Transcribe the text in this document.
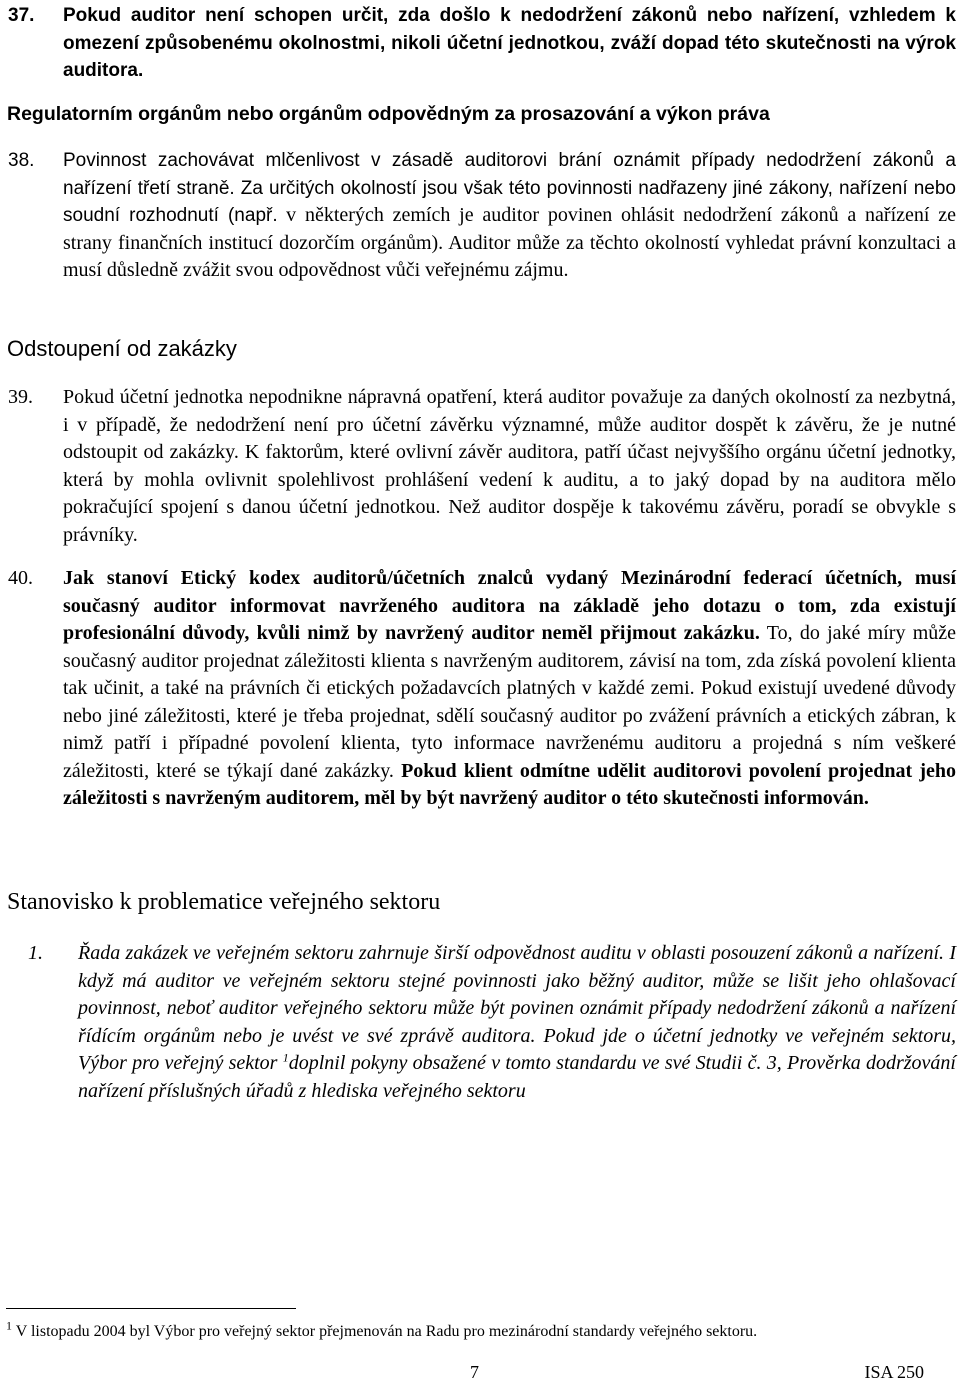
37. Pokud auditor není schopen určit, zda došlo k nedodržení zákonů nebo nařízení, vzhledem k omezení způsobenému okolnostmi, nikoli účetní jednotkou, zváží dopad této skutečnosti na výrok auditora.
Regulatorním orgánům nebo orgánům odpovědným za prosazování a výkon práva
38. Povinnost zachovávat mlčenlivost v zásadě auditorovi brání oznámit případy nedodržení zákonů a nařízení třetí straně. Za určitých okolností jsou však této povinnosti nadřazeny jiné zákony, nařízení nebo soudní rozhodnutí (např. v některých zemích je auditor povinen ohlásit nedodržení zákonů a nařízení ze strany finančních institucí dozorčím orgánům). Auditor může za těchto okolností vyhledat právní konzultaci a musí důsledně zvážit svou odpovědnost vůči veřejnému zájmu.
Odstoupení od zakázky
39. Pokud účetní jednotka nepodnikne nápravná opatření, která auditor považuje za daných okolností za nezbytná, i v případě, že nedodržení není pro účetní závěrku významné, může auditor dospět k závěru, že je nutné odstoupit od zakázky. K faktorům, které ovlivní závěr auditora, patří účast nejvyššího orgánu účetní jednotky, která by mohla ovlivnit spolehlivost prohlášení vedení k auditu, a to jaký dopad by na auditora mělo pokračující spojení s danou účetní jednotkou. Než auditor dospěje k takovému závěru, poradí se obvykle s právníky.
40. Jak stanoví Etický kodex auditorů/účetních znalců vydaný Mezinárodní federací účetních, musí současný auditor informovat navrženého auditora na základě jeho dotazu o tom, zda existují profesionální důvody, kvůli nimž by navržený auditor neměl přijmout zakázku. To, do jaké míry může současný auditor projednat záležitosti klienta s navrženým auditorem, závisí na tom, zda získá povolení klienta tak učinit, a také na právních či etických požadavcích platných v každé zemi. Pokud existují uvedené důvody nebo jiné záležitosti, které je třeba projednat, sdělí současný auditor po zvážení právních a etických zábran, k nimž patří i případné povolení klienta, tyto informace navrženému auditoru a projedná s ním veškeré záležitosti, které se týkají dané zakázky. Pokud klient odmítne udělit auditorovi povolení projednat jeho záležitosti s navrženým auditorem, měl by být navržený auditor o této skutečnosti informován.
Stanovisko k problematice veřejného sektoru
1. Řada zakázek ve veřejném sektoru zahrnuje širší odpovědnost auditu v oblasti posouzení zákonů a nařízení. I když má auditor ve veřejném sektoru stejné povinnosti jako běžný auditor, může se lišit jeho ohlašovací povinnost, neboť auditor veřejného sektoru může být povinen oznámit případy nedodržení zákonů a nařízení řídícím orgánům nebo je uvést ve své zprávě auditora. Pokud jde o účetní jednotky ve veřejném sektoru, Výbor pro veřejný sektor $^1$doplnil pokyny obsažené v tomto standardu ve své Studii č. 3, Prověrka dodržování nařízení příslušných úřadů z hlediska veřejného sektoru
$^1$ V listopadu 2004 byl Výbor pro veřejný sektor přejmenován na Radu pro mezinárodní standardy veřejného sektoru.
7	ISA 250
